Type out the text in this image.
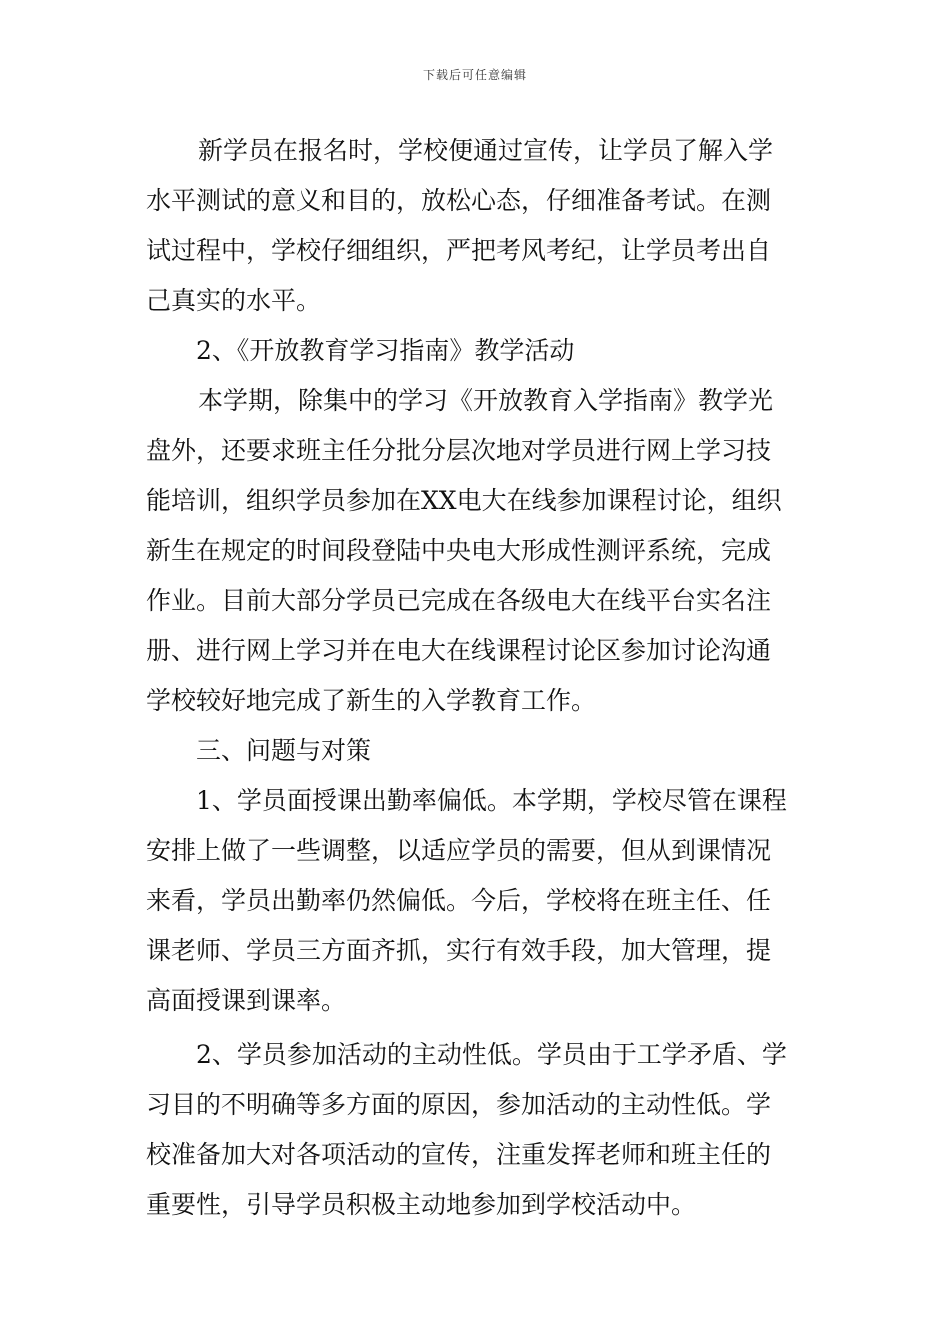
下载后可任意编辑
新学员在报名时，学校便通过宣传，让学员了解入学
水平测试的意义和目的，放松心态，仔细准备考试。在测
试过程中，学校仔细组织，严把考风考纪，让学员考出自
己真实的水平。
2、《开放教育学习指南》教学活动
本学期，除集中的学习《开放教育入学指南》教学光
盘外，还要求班主任分批分层次地对学员进行网上学习技
能培训，组织学员参加在XX电大在线参加课程讨论，组织
新生在规定的时间段登陆中央电大形成性测评系统，完成
作业。目前大部分学员已完成在各级电大在线平台实名注
册、进行网上学习并在电大在线课程讨论区参加讨论沟通
学校较好地完成了新生的入学教育工作。
三、问题与对策
1、学员面授课出勤率偏低。本学期，学校尽管在课程
安排上做了一些调整，以适应学员的需要，但从到课情况
来看，学员出勤率仍然偏低。今后，学校将在班主任、任
课老师、学员三方面齐抓，实行有效手段，加大管理，提
高面授课到课率。
2、学员参加活动的主动性低。学员由于工学矛盾、学
习目的不明确等多方面的原因，参加活动的主动性低。学
校准备加大对各项活动的宣传，注重发挥老师和班主任的
重要性，引导学员积极主动地参加到学校活动中。
